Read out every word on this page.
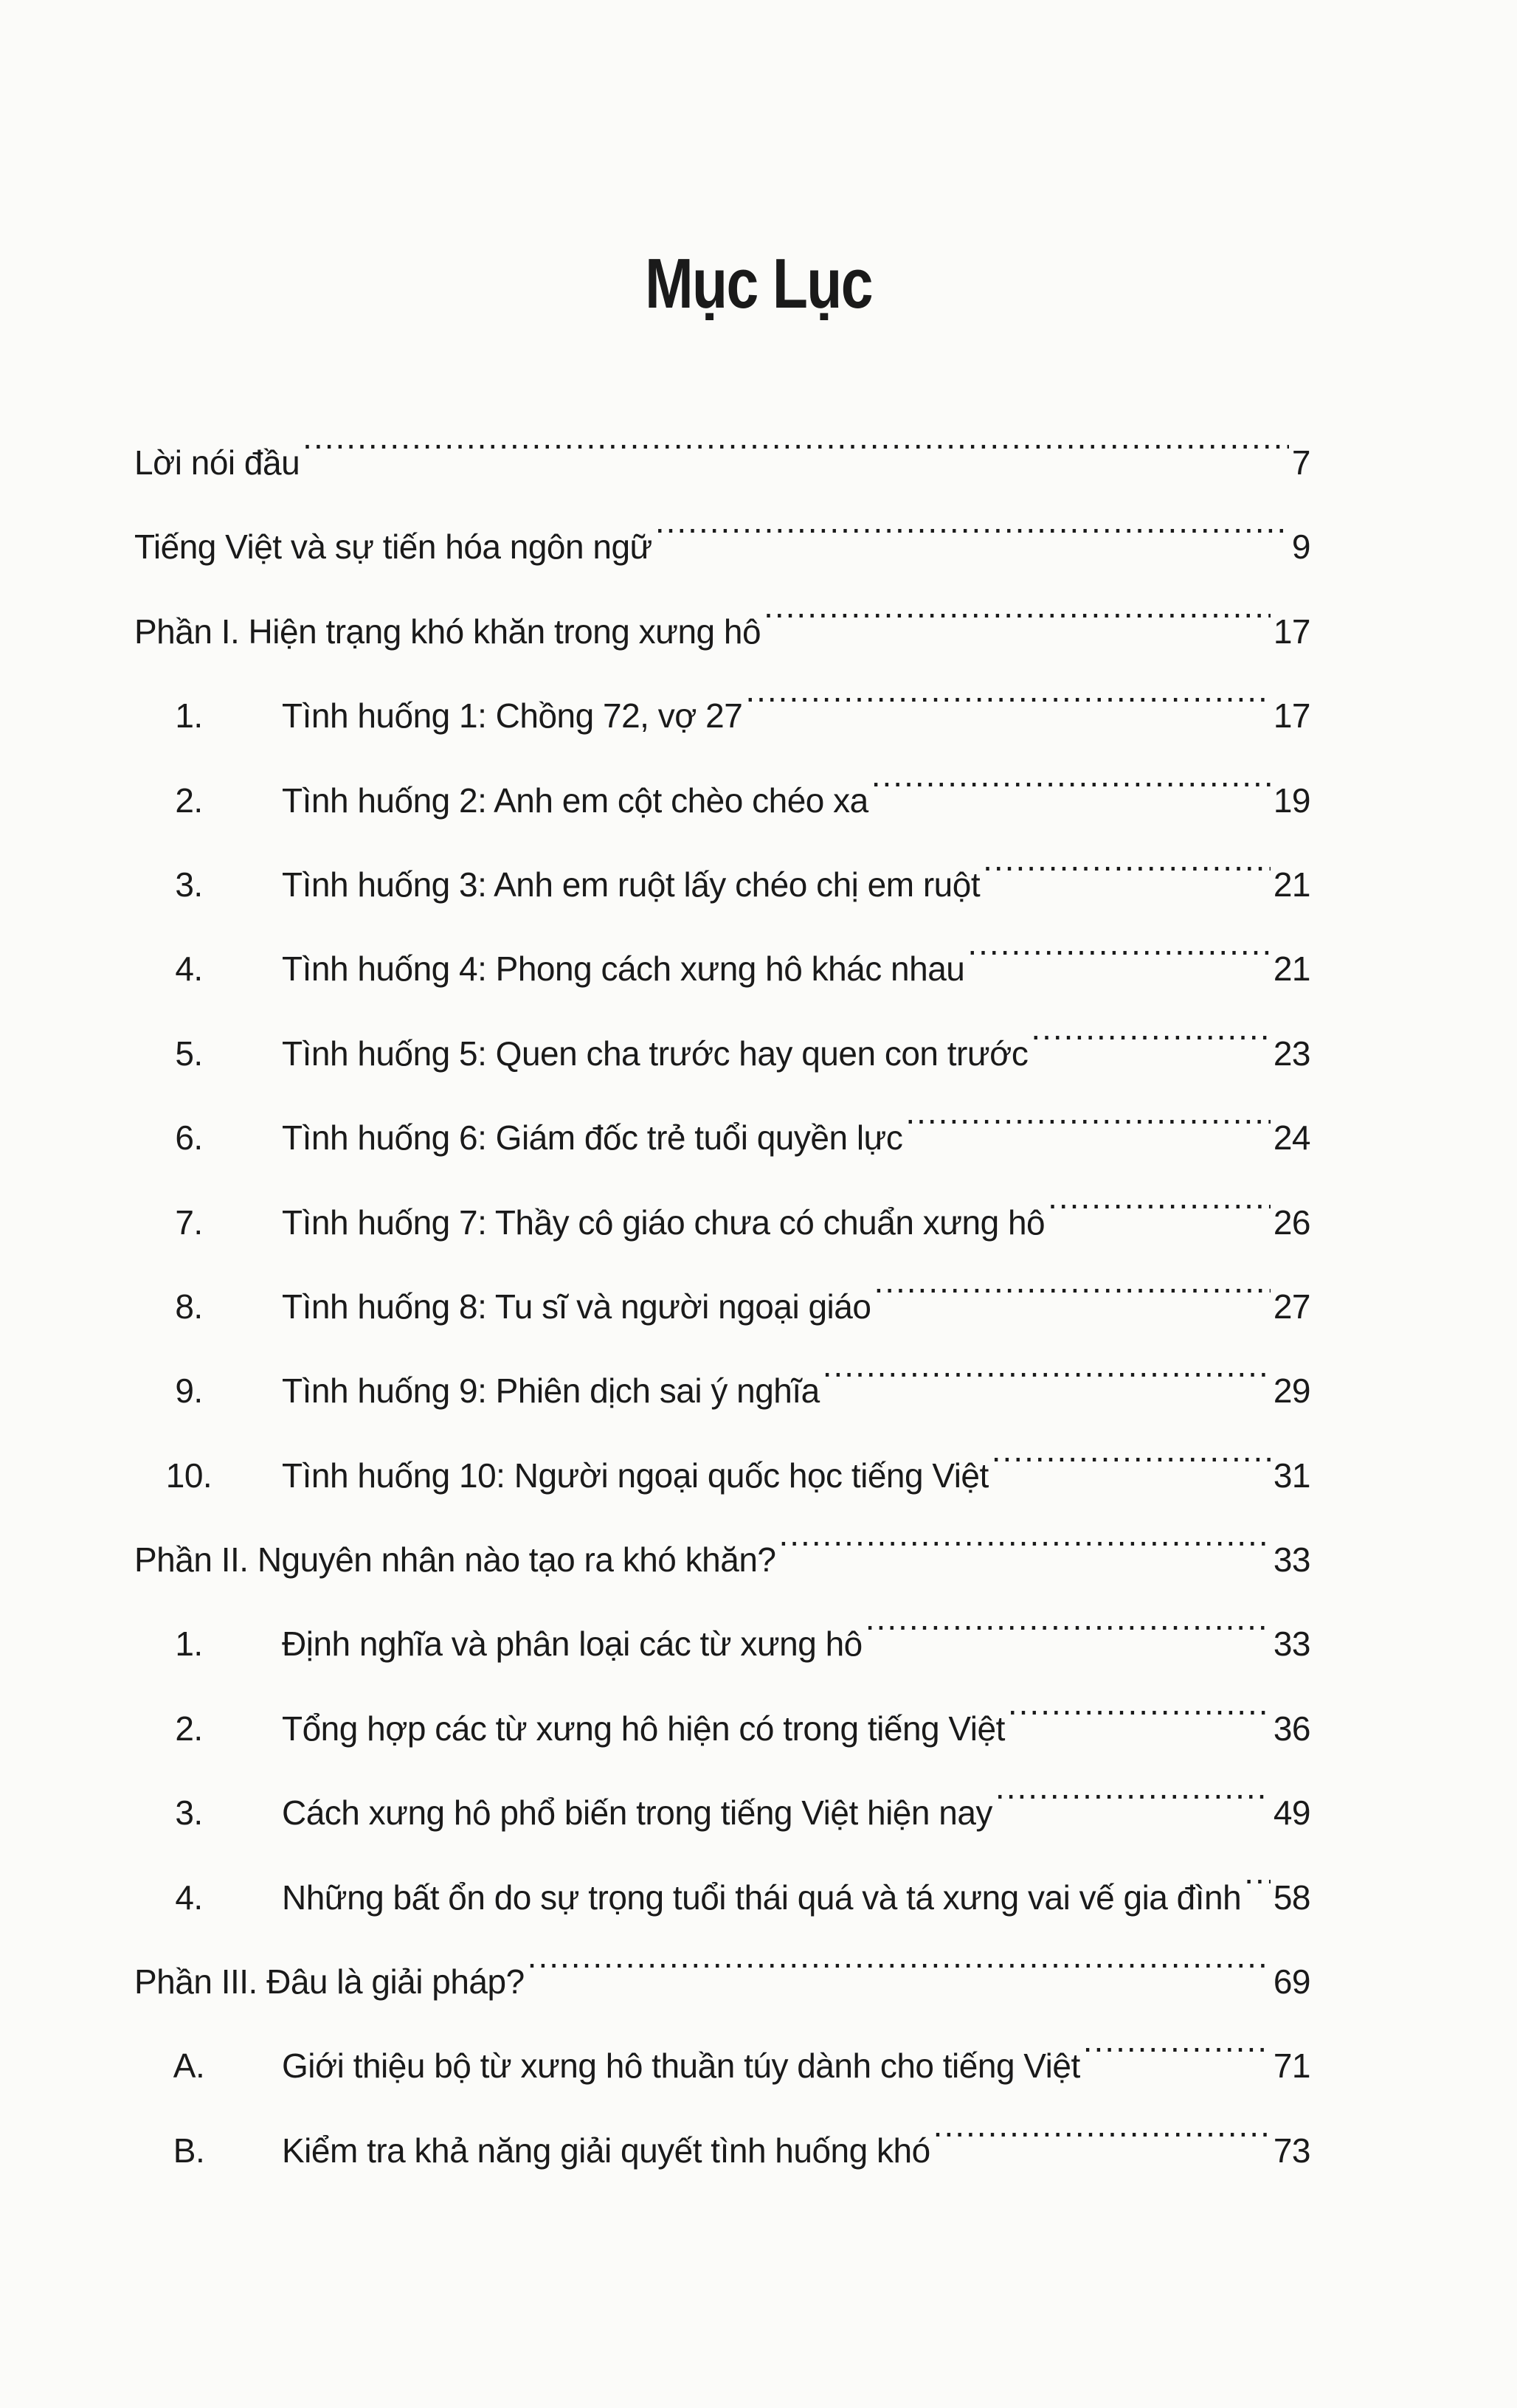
Mục Lục
Lời nói đầu .....	7
Tiếng Việt và sự tiến hóa ngôn ngữ .....	9
Phần I. Hiện trạng khó khăn trong xưng hô .....	17
1.	Tình huống 1: Chồng 72, vợ 27 .....	17
2.	Tình huống 2: Anh em cột chèo chéo xa .....	19
3.	Tình huống 3: Anh em ruột lấy chéo chị em ruột .....	21
4.	Tình huống 4: Phong cách xưng hô khác nhau .....	21
5.	Tình huống 5: Quen cha trước hay quen con trước .....	23
6.	Tình huống 6: Giám đốc trẻ tuổi quyền lực .....	24
7.	Tình huống 7: Thầy cô giáo chưa có chuẩn xưng hô .....	26
8.	Tình huống 8: Tu sĩ và người ngoại giáo .....	27
9.	Tình huống 9: Phiên dịch sai ý nghĩa .....	29
10.	Tình huống 10: Người ngoại quốc học tiếng Việt .....	31
Phần II. Nguyên nhân nào tạo ra khó khăn? .....	33
1.	Định nghĩa và phân loại các từ xưng hô .....	33
2.	Tổng hợp các từ xưng hô hiện có trong tiếng Việt .....	36
3.	Cách xưng hô phổ biến trong tiếng Việt hiện nay .....	49
4.	Những bất ổn do sự trọng tuổi thái quá và tá xưng vai vế gia đình ..... 58
Phần III. Đâu là giải pháp? .....	69
A.	Giới thiệu bộ từ xưng hô thuần túy dành cho tiếng Việt .....	71
B.	Kiểm tra khả năng giải quyết tình huống khó .....	73
